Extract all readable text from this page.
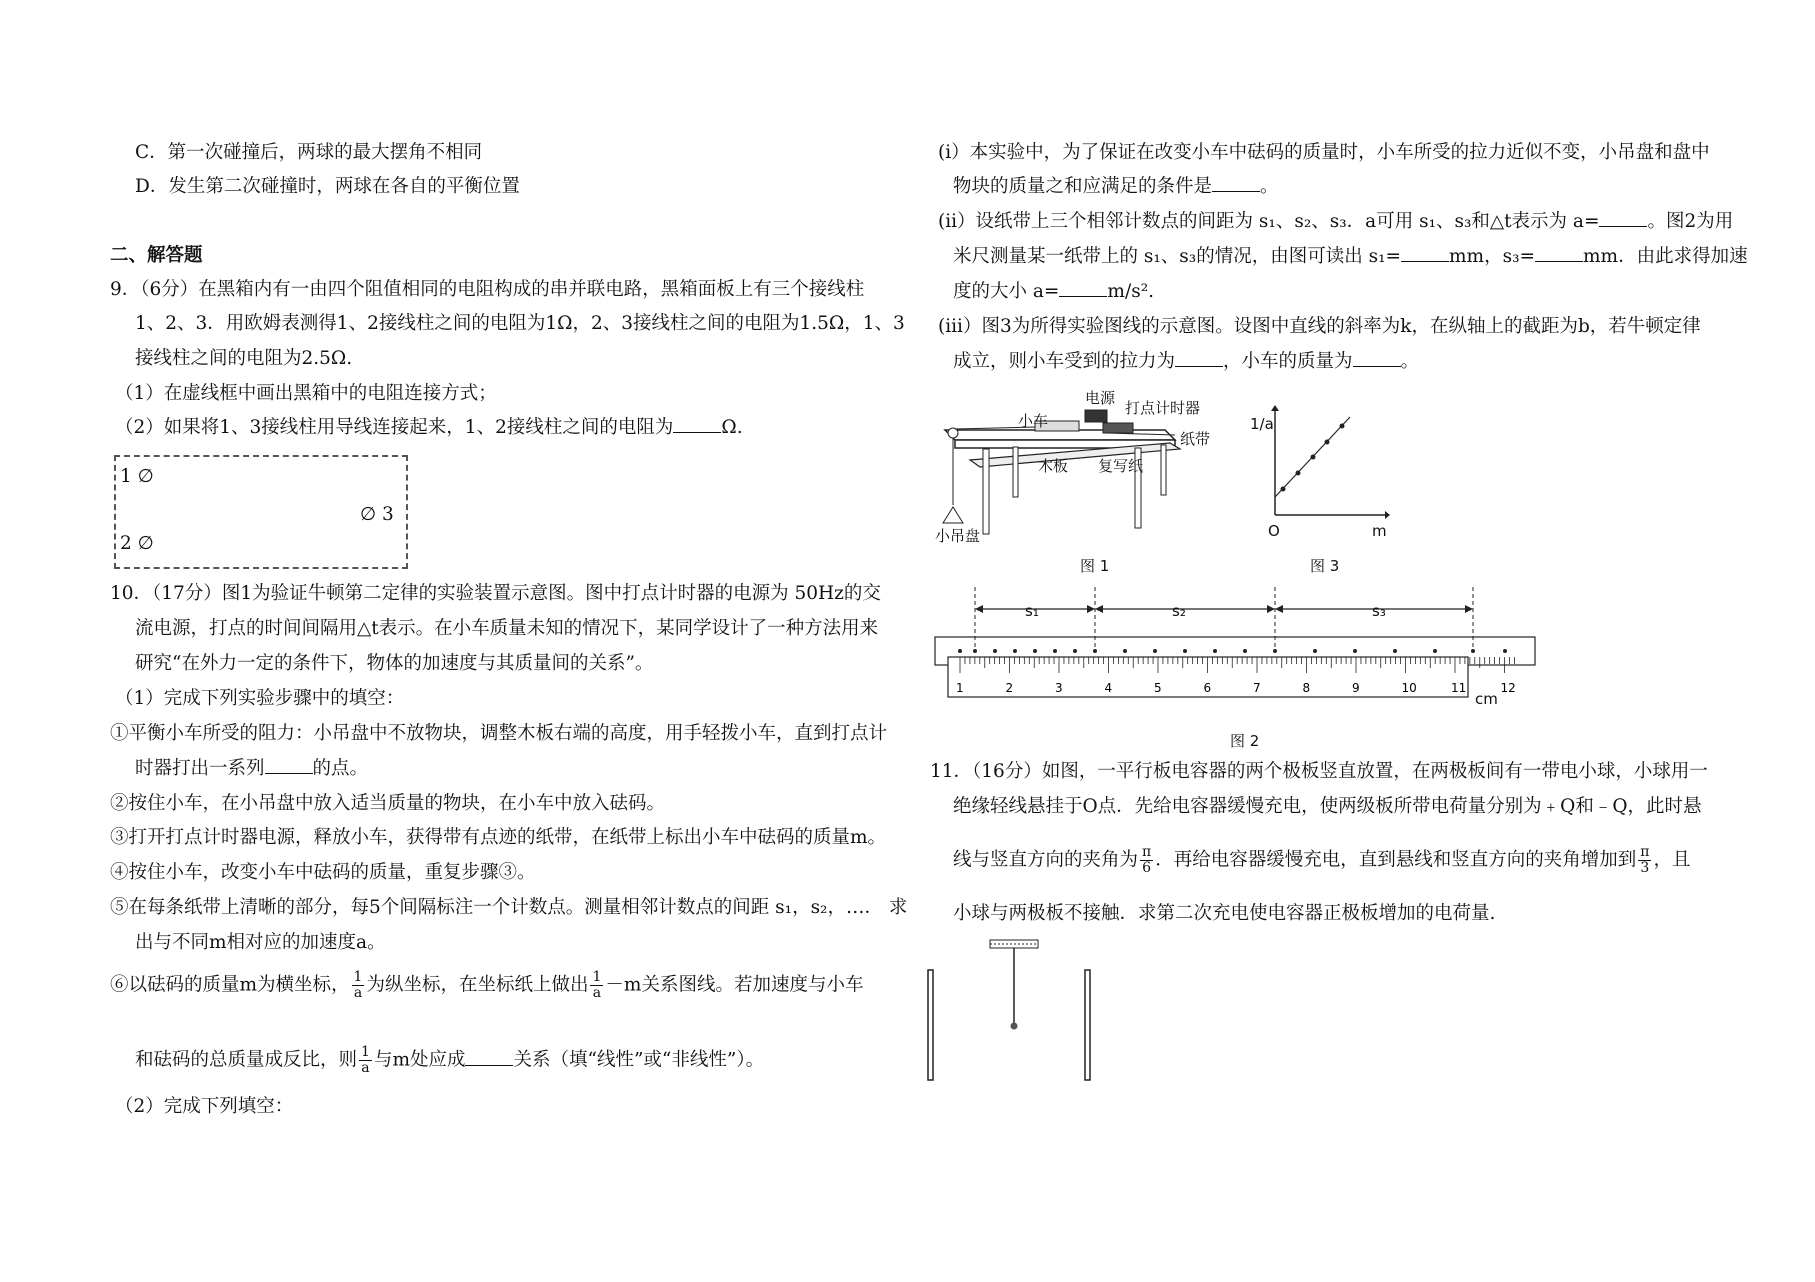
C．第一次碰撞后，两球的最大摆角不相同
D．发生第二次碰撞时，两球在各自的平衡位置
二、解答题
9．（6分）在黑箱内有一由四个阻值相同的电阻构成的串并联电路，黑箱面板上有三个接线柱
1、2、3．用欧姆表测得1、2接线柱之间的电阻为1Ω，2、3接线柱之间的电阻为1.5Ω，1、3
接线柱之间的电阻为2.5Ω.
（1）在虚线框中画出黑箱中的电阻连接方式；
（2）如果将1、3接线柱用导线连接起来，1、2接线柱之间的电阻为	Ω.
1 ∅
∅ 3
2 ∅
10．（17分）图1为验证牛顿第二定律的实验装置示意图。图中打点计时器的电源为 50Hz的交
流电源，打点的时间间隔用△t表示。在小车质量未知的情况下，某同学设计了一种方法用来
研究“在外力一定的条件下，物体的加速度与其质量间的关系”。
（1）完成下列实验步骤中的填空：
①平衡小车所受的阻力：小吊盘中不放物块，调整木板右端的高度，用手轻拨小车，直到打点计
时器打出一系列	的点。
②按住小车，在小吊盘中放入适当质量的物块，在小车中放入砝码。
③打开打点计时器电源，释放小车，获得带有点迹的纸带，在纸带上标出小车中砝码的质量m。
④按住小车，改变小车中砝码的质量，重复步骤③。
⑤在每条纸带上清晰的部分，每5个间隔标注一个计数点。测量相邻计数点的间距 s₁，s₂，…． 求
出与不同m相对应的加速度a。
⑥以砝码的质量m为横坐标， $\frac{1}{a}$ 为纵坐标，在坐标纸上做出 $\frac{1}{a} -m$关系图线。若加速度与小车
和砝码的总质量成反比，则 $\frac{1}{a}$ 与m处应成	关系（填“线性”或“非线性”）。
（2）完成下列填空：
(i）本实验中，为了保证在改变小车中砝码的质量时，小车所受的拉力近似不变，小吊盘和盘中
物块的质量之和应满足的条件是	。
(ii）设纸带上三个相邻计数点的间距为 s₁、s₂、s₃．a可用 s₁、s₃和△t表示为 a=	。图2为用
米尺测量某一纸带上的 s₁、s₃的情况，由图可读出 s₁=	mm，s₃=	mm．由此求得加速
度的大小 a=	m/s².
(iii）图3为所得实验图线的示意图。设图中直线的斜率为k，在纵轴上的截距为b，若牛顿定律
成立，则小车受到的拉力为	，小车的质量为	。
电源
打点计时器
小车
纸带
木板 复写纸
小吊盘
图 1
1/a
O	m
图 3
1	2	3	4	5	6	7	8	9	10	11	12
s₁	s₂	s₃
cm
图 2
11．（16分）如图，一平行板电容器的两个极板竖直放置，在两极板间有一带电小球，小球用一
绝缘轻线悬挂于O点．先给电容器缓慢充电，使两级板所带电荷量分别为﹢Q和﹣Q，此时悬
线与竖直方向的夹角为 $\frac{\pi}{6}$ ．再给电容器缓慢充电，直到悬线和竖直方向的夹角增加到 $\frac{\pi}{3}$ ，且
小球与两极板不接触．求第二次充电使电容器正极板增加的电荷量.
